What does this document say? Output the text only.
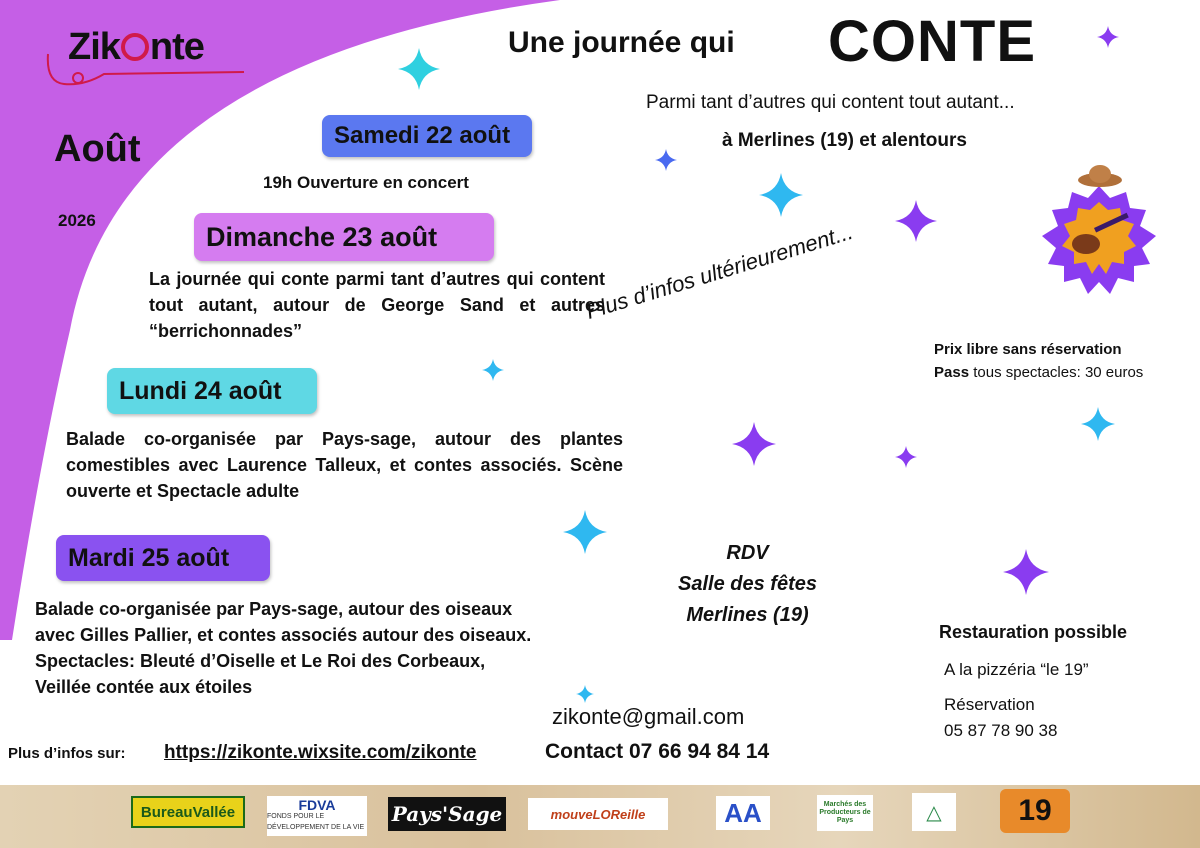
Zik nte	Une journée qui CONTE
Parmi tant d’autres qui content tout autant...
à Merlines (19) et alentours
Août
2026
Samedi 22 août
19h Ouverture en concert
Dimanche 23 août
La journée qui conte parmi tant d’autres qui content tout autant, autour de George Sand et autres “berrichonnades”
Lundi 24 août
Balade co-organisée par Pays-sage, autour des plantes comestibles avec Laurence Talleux, et contes associés. Scène ouverte et Spectacle adulte
Mardi 25 août
Balade co-organisée par Pays-sage, autour des oiseaux
avec Gilles Pallier, et contes associés autour des oiseaux.
Spectacles: Bleuté d’Oiselle et Le Roi des Corbeaux,
Veillée contée aux étoiles
Plus d’infos ultérieurement...
Prix libre sans réservation
Pass tous spectacles: 30 euros
RDV
Salle des fêtes
Merlines (19)
Restauration possible
A la pizzéria “le 19”
Réservation
05 87 78 90 38
zikonte@gmail.com
Contact 07 66 94 84 14
Plus d’infos sur: https://zikonte.wixsite.com/zikonte
BureauVallée	FDVA
FONDS POUR LE DÉVELOPPEMENT DE LA VIE
Pays'Sage	mouveLOReille	AA	Marchés des Producteurs de Pays	△	19
